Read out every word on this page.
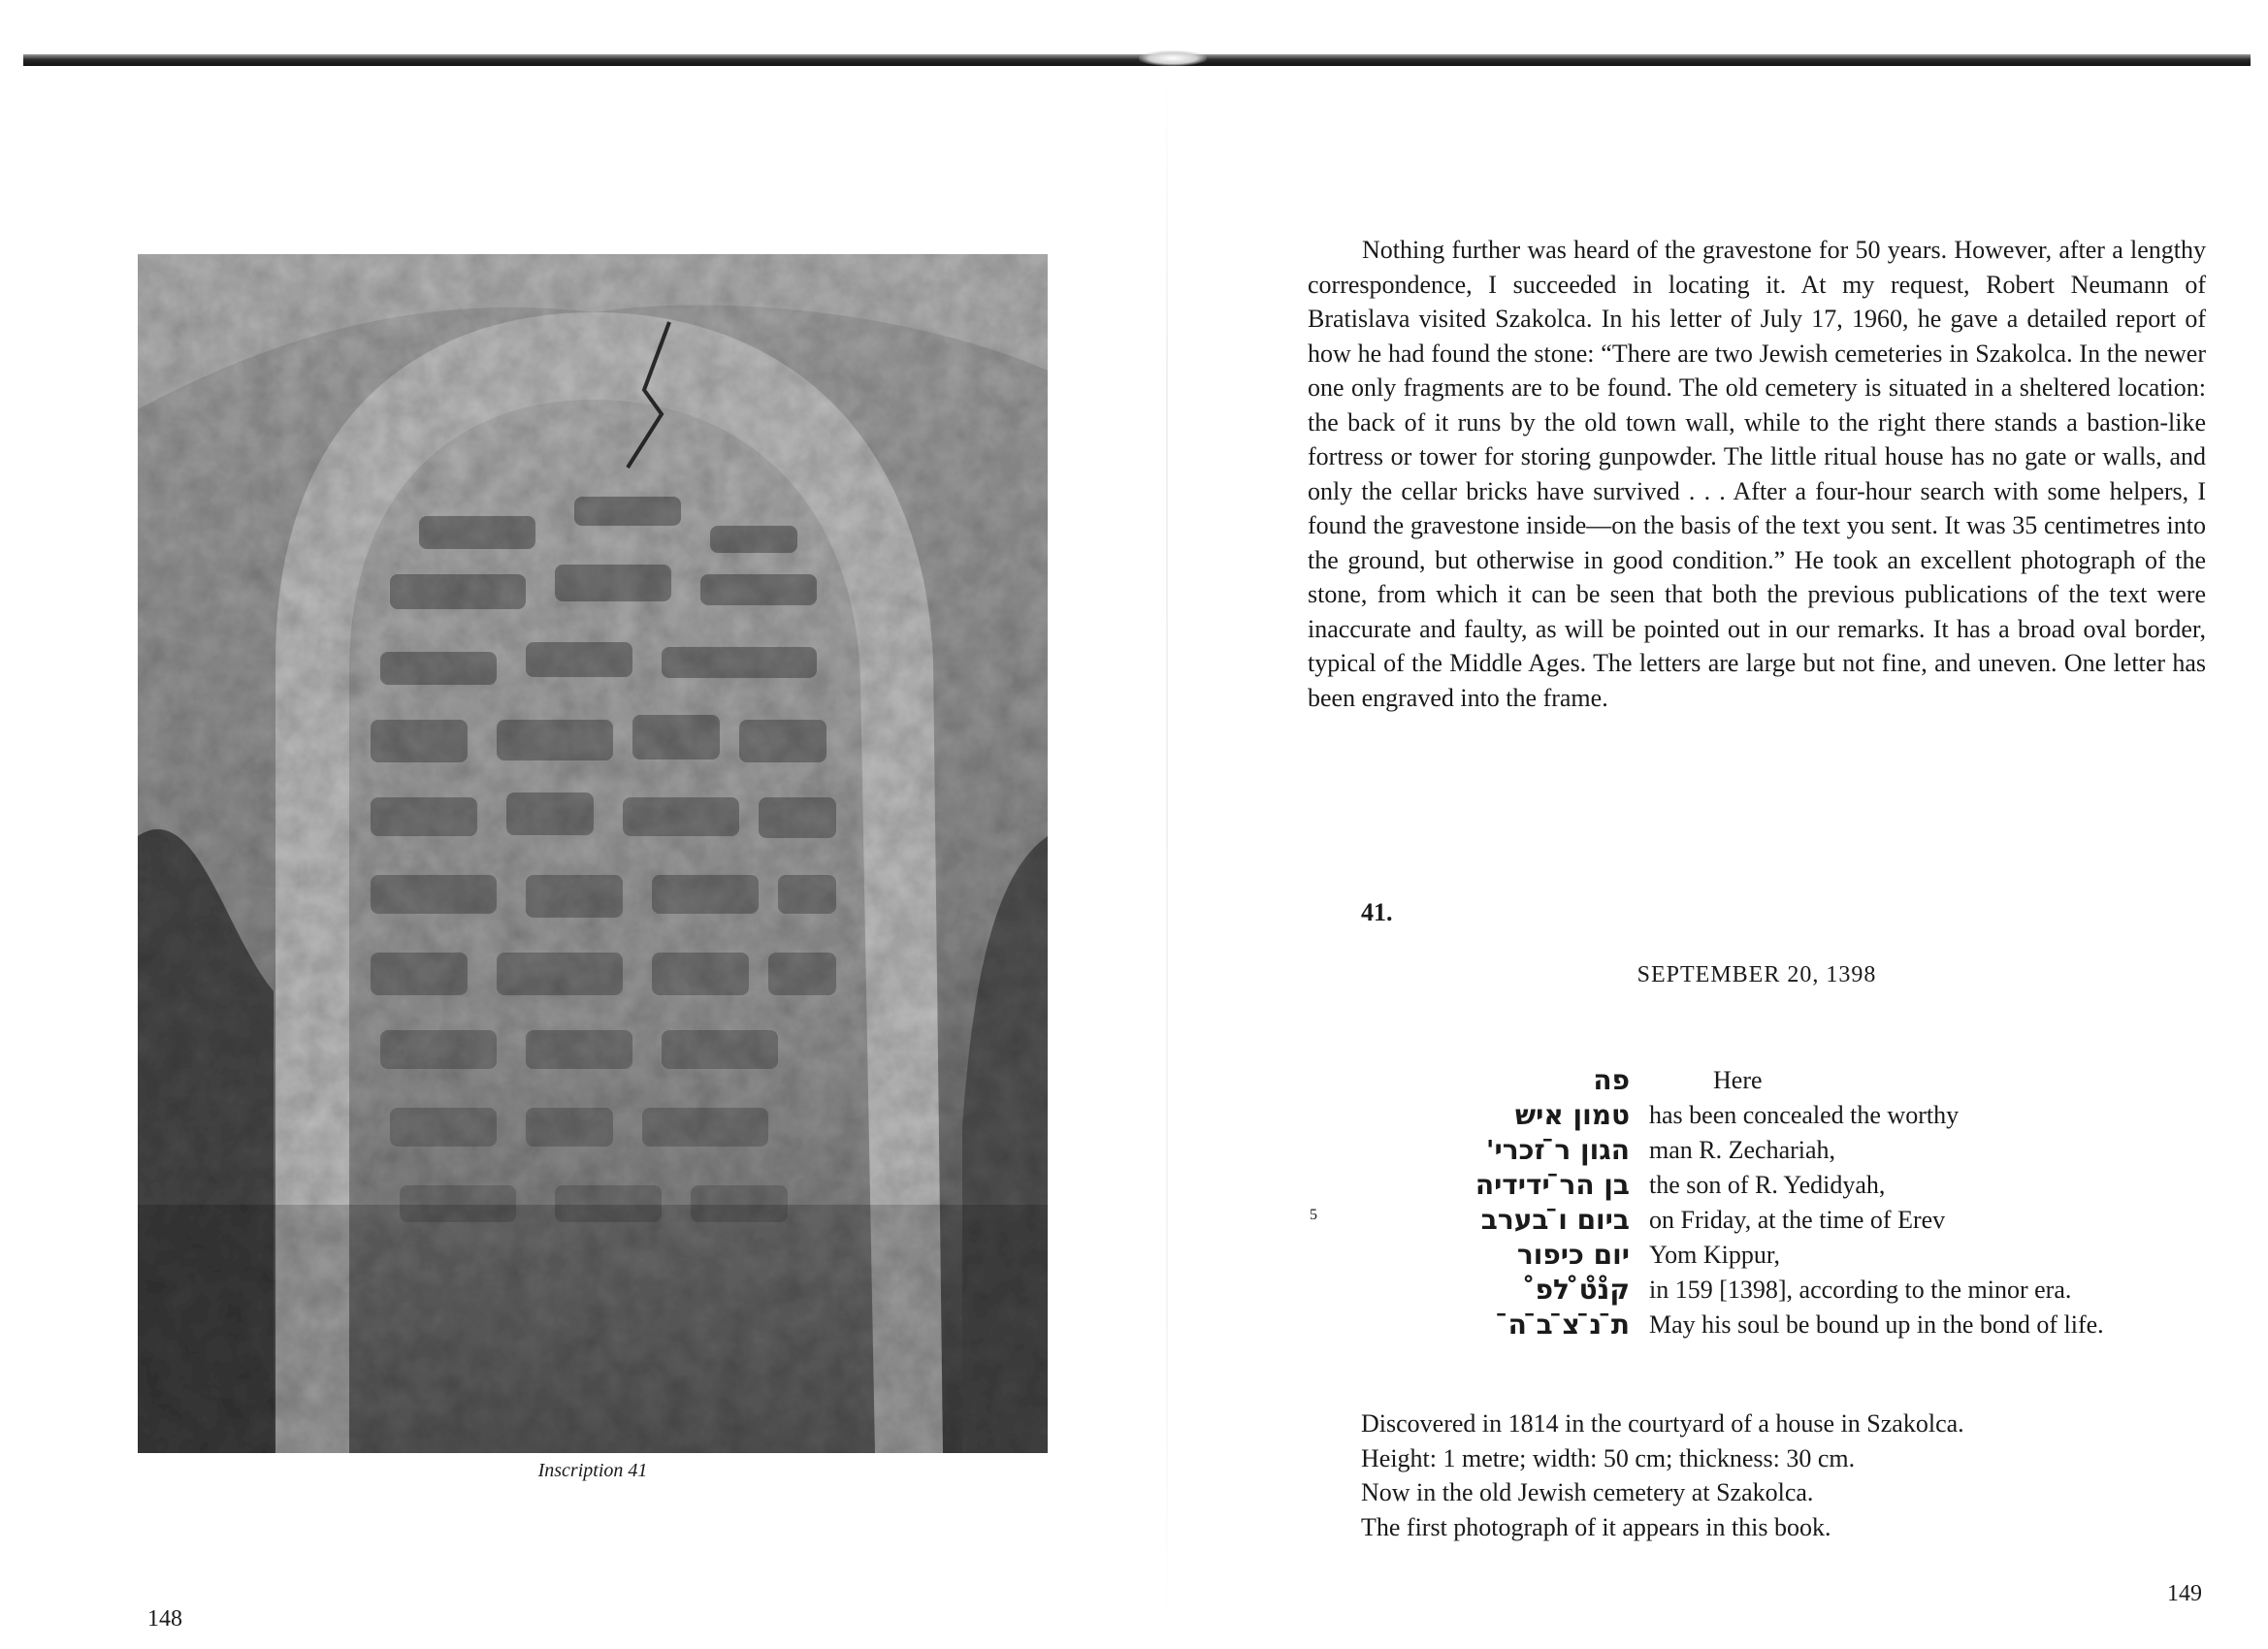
Inscription 41
148

Nothing further was heard of the gravestone for 50 years. However, after a lengthy correspondence, I succeeded in locating it. At my request, Robert Neumann of Bratislava visited Szakolca. In his letter of July 17, 1960, he gave a detailed report of how he had found the stone: “There are two Jewish cemeteries in Szakolca. In the newer one only fragments are to be found. The old cemetery is situated in a sheltered location: the back of it runs by the old town wall, while to the right there stands a bastion-like fortress or tower for storing gunpowder. The little ritual house has no gate or walls, and only the cellar bricks have survived . . . After a four-hour search with some helpers, I found the gravestone inside—on the basis of the text you sent. It was 35 centimetres into the ground, but otherwise in good condition.” He took an excellent photograph of the stone, from which it can be seen that both the previous publications of the text were inaccurate and faulty, as will be pointed out in our remarks. It has a broad oval border, typical of the Middle Ages. The letters are large but not fine, and uneven. One letter has been engraved into the frame.

41.
SEPTEMBER 20, 1398
5
פה	Here
טמון איש has been concealed the worthy
הגון ר̄ זכרי' man R. Zechariah,
בן הר̄ ידידיה the son of R. Yedidyah,
ביום ו̄ בערב on Friday, at the time of Erev
יום כיפור Yom Kippur,
ק̊נ̊ט̊ לפ̊ in 159 [1398], according to the minor era.
ת̄ נ̄ צ̄ ב̄ ה̄ May his soul be bound up in the bond of life.
Discovered in 1814 in the courtyard of a house in Szakolca.
Height: 1 metre; width: 50 cm; thickness: 30 cm.
Now in the old Jewish cemetery at Szakolca.
The first photograph of it appears in this book.
149
